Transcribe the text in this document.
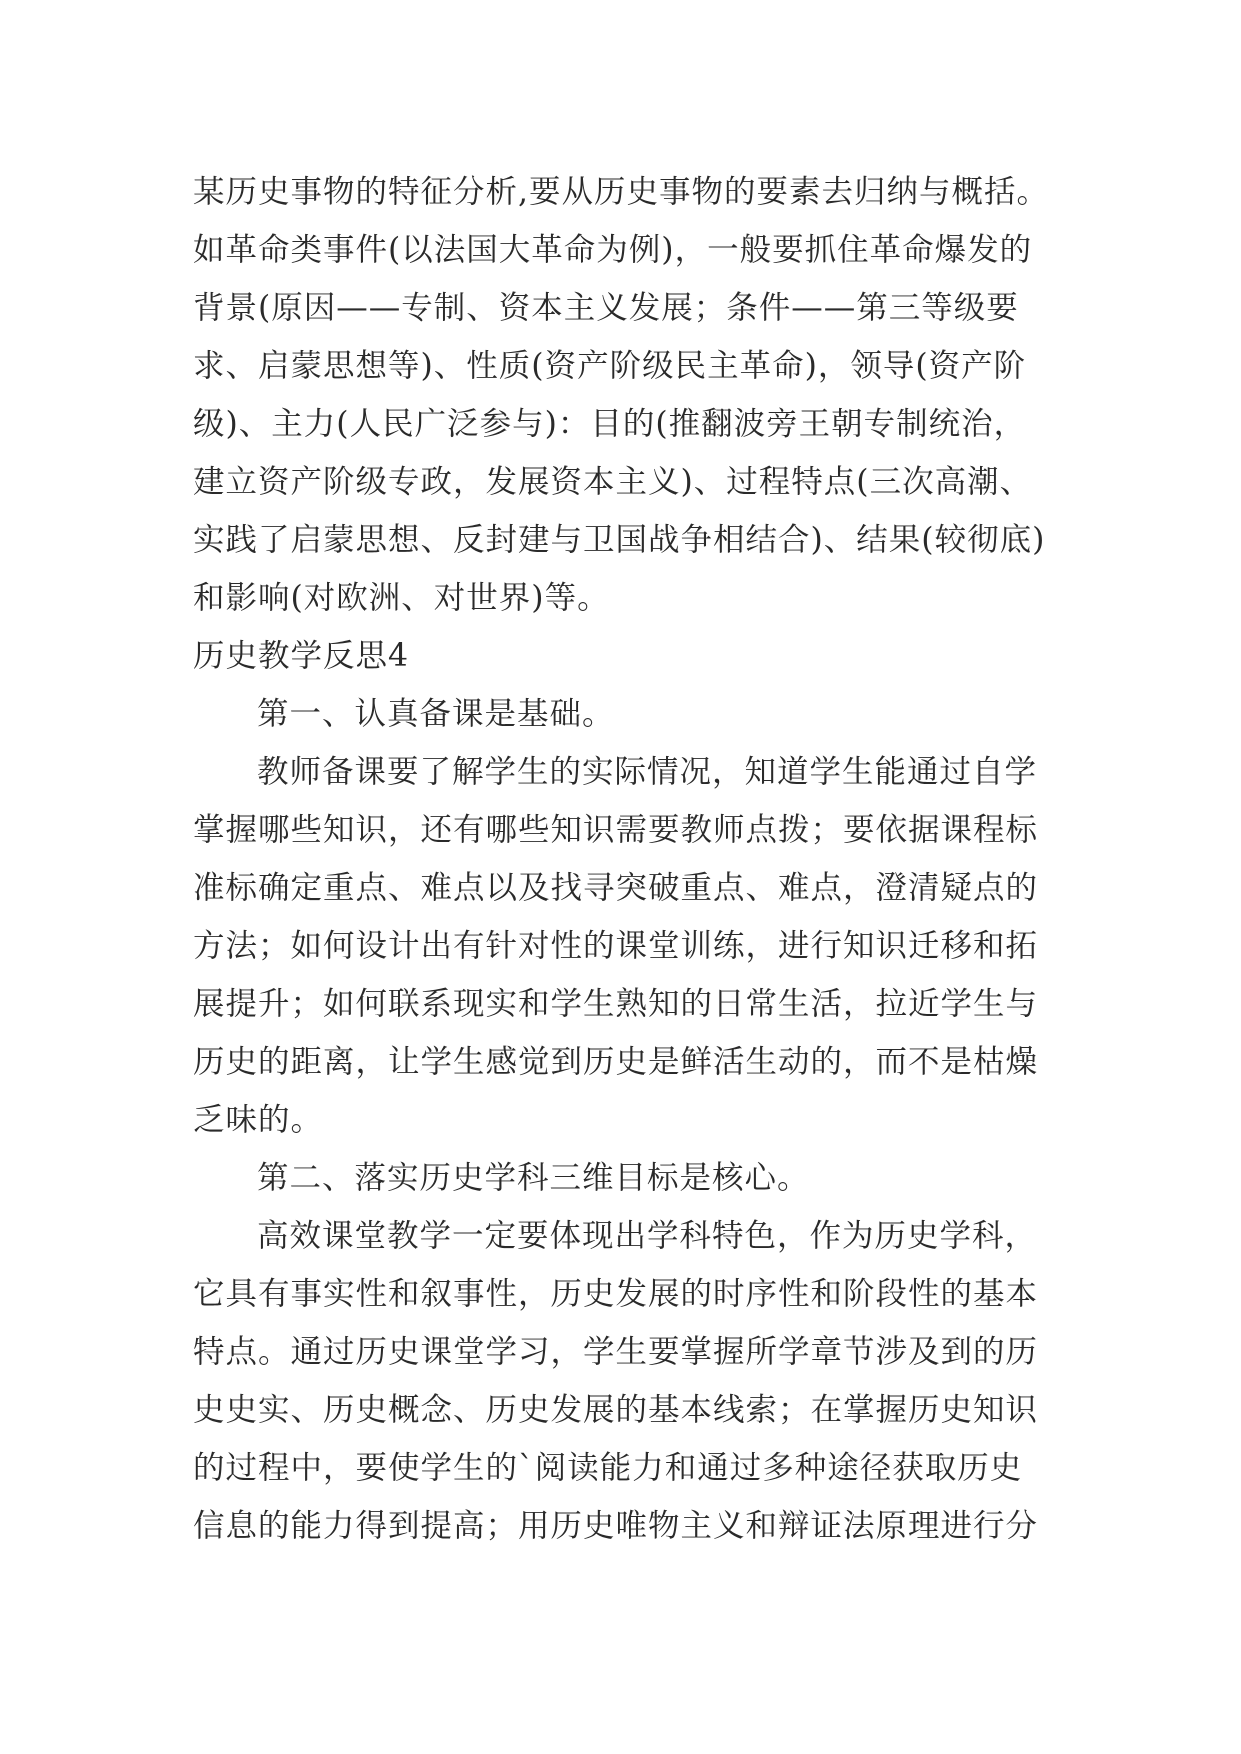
某历史事物的特征分析,要从历史事物的要素去归纳与概括。

如革命类事件(以法国大革命为例)，一般要抓住革命爆发的

背景(原因——专制、资本主义发展；条件——第三等级要

求、启蒙思想等)、性质(资产阶级民主革命)，领导(资产阶

级)、主力(人民广泛参与)：目的(推翻波旁王朝专制统治，

建立资产阶级专政，发展资本主义)、过程特点(三次高潮、

实践了启蒙思想、反封建与卫国战争相结合)、结果(较彻底)

和影响(对欧洲、对世界)等。

历史教学反思4

第一、认真备课是基础。

教师备课要了解学生的实际情况，知道学生能通过自学

掌握哪些知识，还有哪些知识需要教师点拨；要依据课程标

准标确定重点、难点以及找寻突破重点、难点，澄清疑点的

方法；如何设计出有针对性的课堂训练，进行知识迁移和拓

展提升；如何联系现实和学生熟知的日常生活，拉近学生与

历史的距离，让学生感觉到历史是鲜活生动的，而不是枯燥

乏味的。

第二、落实历史学科三维目标是核心。

高效课堂教学一定要体现出学科特色，作为历史学科，

它具有事实性和叙事性，历史发展的时序性和阶段性的基本

特点。通过历史课堂学习，学生要掌握所学章节涉及到的历

史史实、历史概念、历史发展的基本线索；在掌握历史知识

的过程中，要使学生的`阅读能力和通过多种途径获取历史

信息的能力得到提高；用历史唯物主义和辩证法原理进行分
